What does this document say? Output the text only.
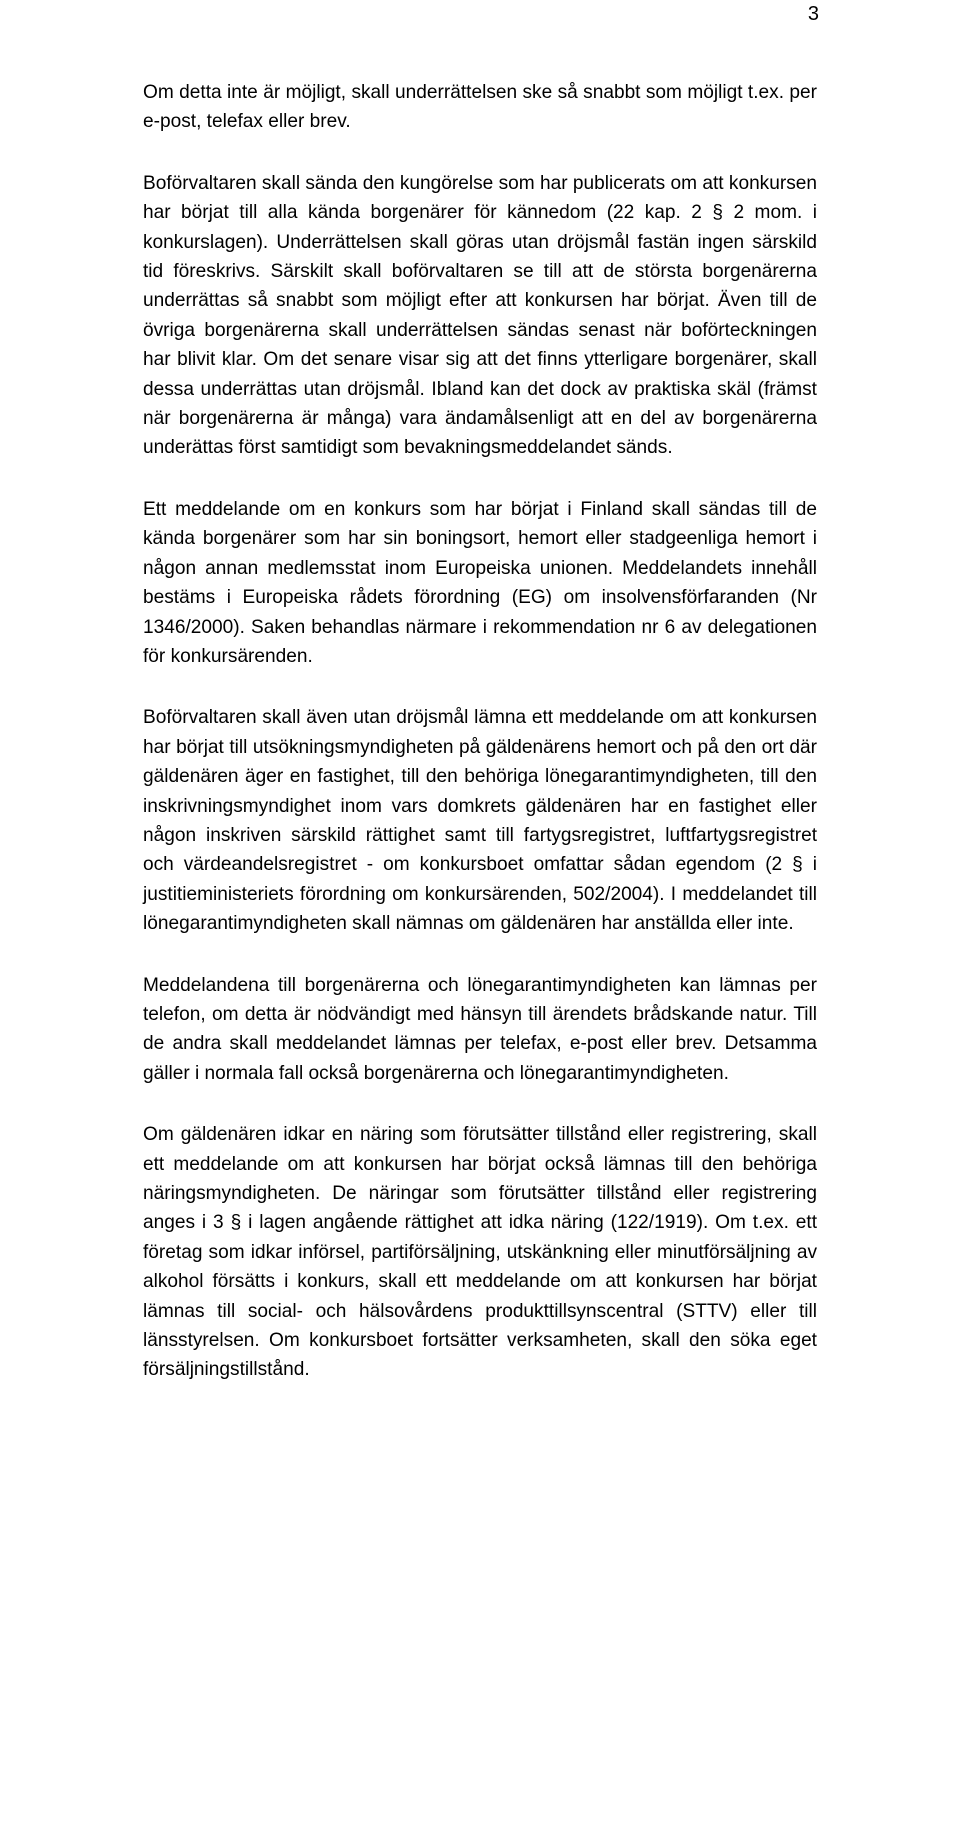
3

Om detta inte är möjligt, skall underrättelsen ske så snabbt som möjligt t.ex. per e-post, telefax eller brev.

Boförvaltaren skall sända den kungörelse som har publicerats om att konkursen har börjat till alla kända borgenärer för kännedom (22 kap. 2 § 2 mom. i konkurslagen). Underrättelsen skall göras utan dröjsmål fastän ingen särskild tid föreskrivs. Särskilt skall boförvaltaren se till att de största borgenärerna underrättas så snabbt som möjligt efter att konkursen har börjat. Även till de övriga borgenärerna skall underrättelsen sändas senast när boförteckningen har blivit klar. Om det senare visar sig att det finns ytterligare borgenärer, skall dessa underrättas utan dröjsmål. Ibland kan det dock av praktiska skäl (främst när borgenärerna är många) vara ändamålsenligt att en del av borgenärerna underättas först samtidigt som bevakningsmeddelandet sänds.

Ett meddelande om en konkurs som har börjat i Finland skall sändas till de kända borgenärer som har sin boningsort, hemort eller stadgeenliga hemort i någon annan medlemsstat inom Europeiska unionen. Meddelandets innehåll bestäms i Europeiska rådets förordning (EG) om insolvensförfaranden (Nr 1346/2000). Saken behandlas närmare i rekommendation nr 6 av delegationen för konkursärenden.

Boförvaltaren skall även utan dröjsmål lämna ett meddelande om att konkursen har börjat till utsökningsmyndigheten på gäldenärens hemort och på den ort där gäldenären äger en fastighet, till den behöriga lönegarantimyndigheten, till den inskrivningsmyndighet inom vars domkrets gäldenären har en fastighet eller någon inskriven särskild rättighet samt till fartygsregistret, luftfartygsregistret och värdeandelsregistret - om konkursboet omfattar sådan egendom (2 § i justitieministeriets förordning om konkursärenden, 502/2004). I meddelandet till lönegarantimyndigheten skall nämnas om gäldenären har anställda eller inte.

Meddelandena till borgenärerna och lönegarantimyndigheten kan lämnas per telefon, om detta är nödvändigt med hänsyn till ärendets brådskande natur. Till de andra skall meddelandet lämnas per telefax, e-post eller brev. Detsamma gäller i normala fall också borgenärerna och lönegarantimyndigheten.

Om gäldenären idkar en näring som förutsätter tillstånd eller registrering, skall ett meddelande om att konkursen har börjat också lämnas till den behöriga näringsmyndigheten. De näringar som förutsätter tillstånd eller registrering anges i 3 § i lagen angående rättighet att idka näring (122/1919). Om t.ex. ett företag som idkar införsel, partiförsäljning, utskänkning eller minutförsäljning av alkohol försätts i konkurs, skall ett meddelande om att konkursen har börjat lämnas till social- och hälsovårdens produkttillsynscentral (STTV) eller till länsstyrelsen. Om konkursboet fortsätter verksamheten, skall den söka eget försäljningstillstånd.
